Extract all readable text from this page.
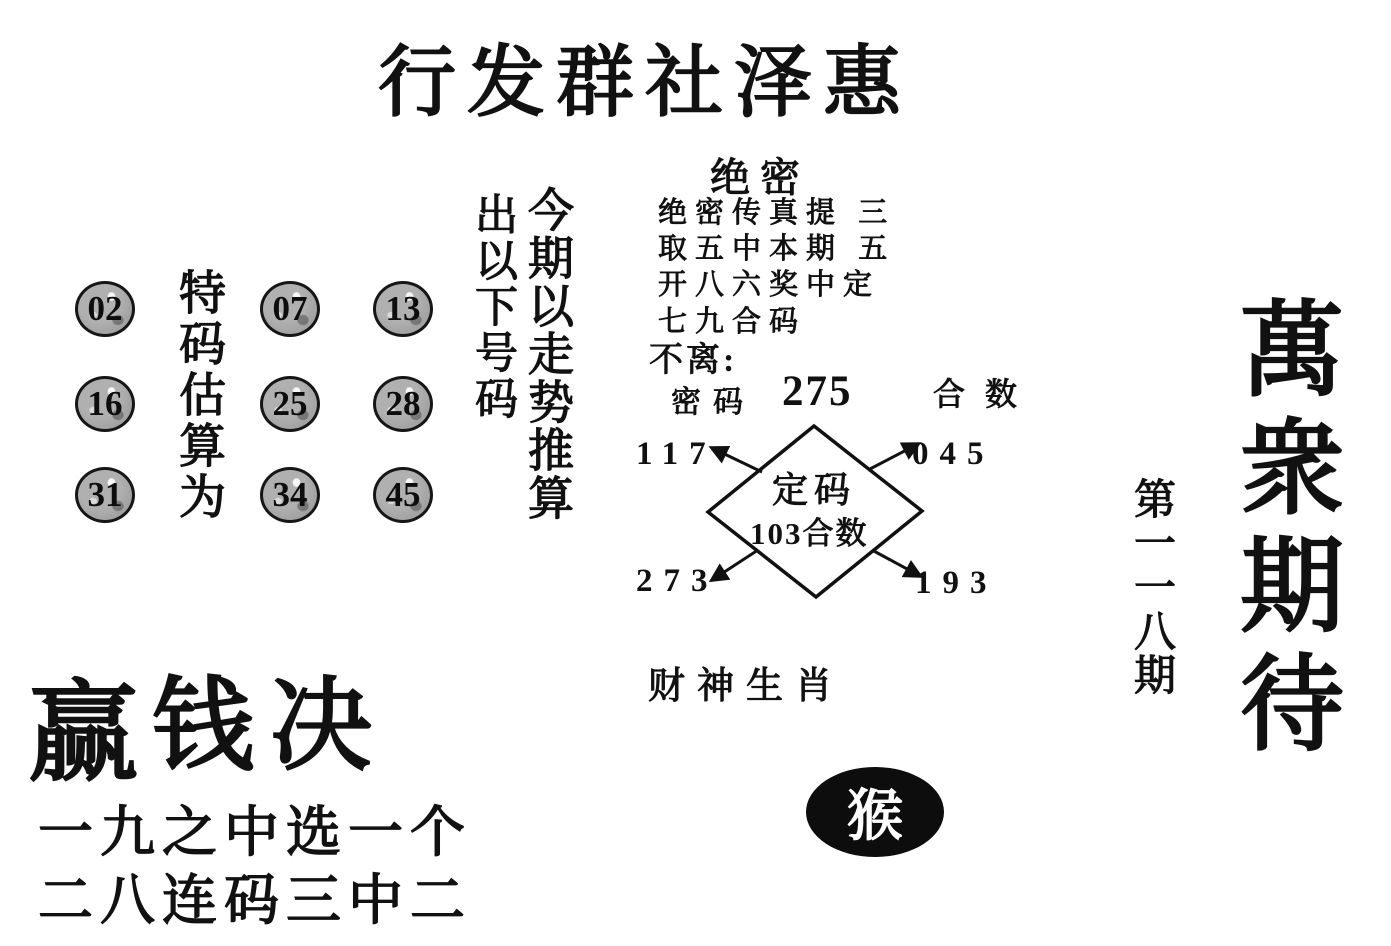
行发群社泽惠
02	07	13
16	25	28
31	34	45
特码估算为	今期以走势推算
出以下号码
绝密
绝密传真提 三
取五中本期 五
开八六奖中定
七九合码
不离:
密码 275	合数
定码
103合数
117	045
273	193
财神生肖
猴
萬衆期待
第一一八期
赢 钱决
一九之中选一个
二八连码三中二
